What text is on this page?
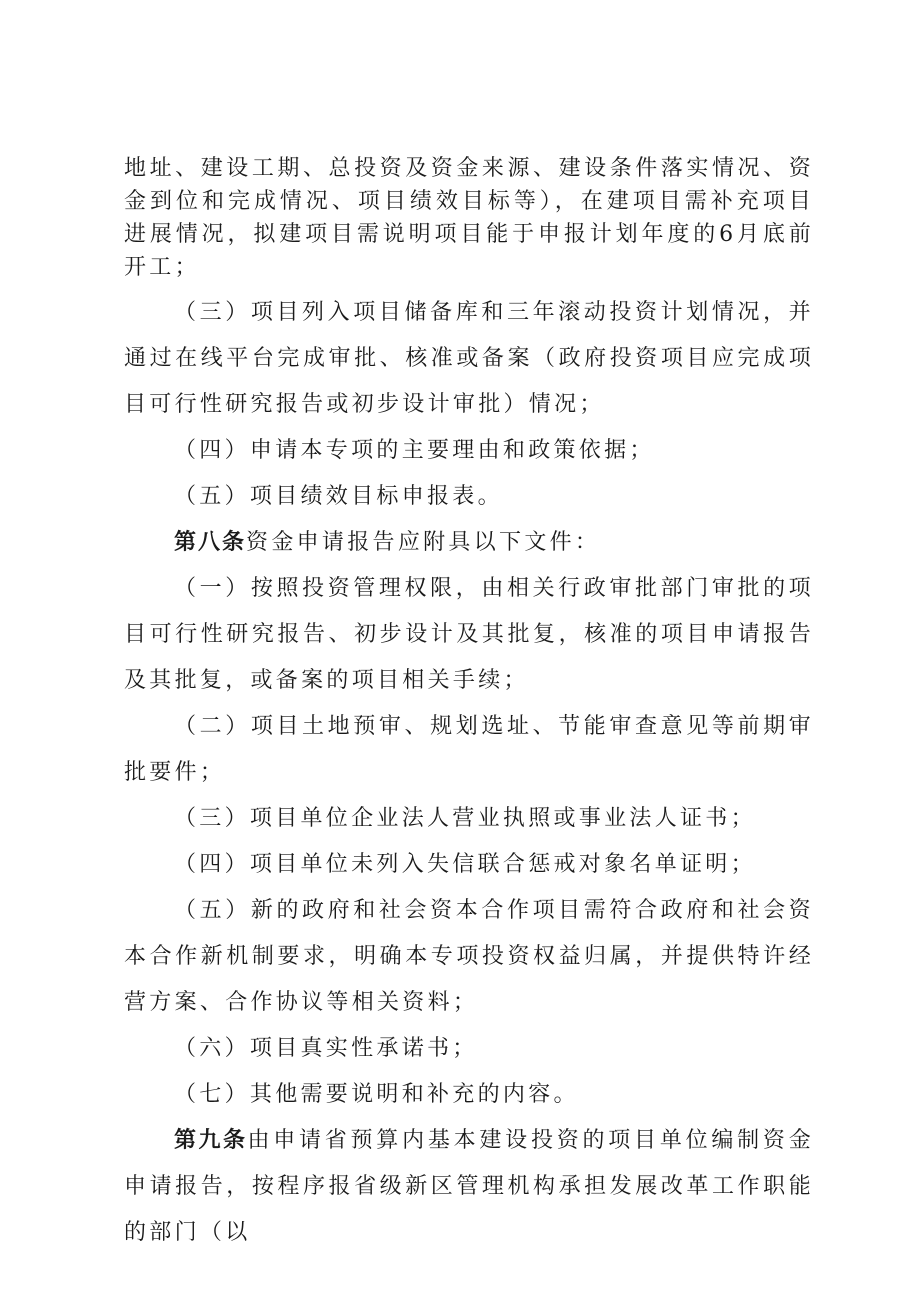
地址、建设工期、总投资及资金来源、建设条件落实情况、资金到位和完成情况、项目绩效目标等），在建项目需补充项目进展情况，拟建项目需说明项目能于申报计划年度的6月底前开工；

（三）项目列入项目储备库和三年滚动投资计划情况，并通过在线平台完成审批、核准或备案（政府投资项目应完成项目可行性研究报告或初步设计审批）情况；

（四）申请本专项的主要理由和政策依据；

（五）项目绩效目标申报表。

第八条资金申请报告应附具以下文件：

（一）按照投资管理权限，由相关行政审批部门审批的项目可行性研究报告、初步设计及其批复，核准的项目申请报告及其批复，或备案的项目相关手续；

（二）项目土地预审、规划选址、节能审查意见等前期审批要件；

（三）项目单位企业法人营业执照或事业法人证书；

（四）项目单位未列入失信联合惩戒对象名单证明；

（五）新的政府和社会资本合作项目需符合政府和社会资本合作新机制要求，明确本专项投资权益归属，并提供特许经营方案、合作协议等相关资料；

（六）项目真实性承诺书；

（七）其他需要说明和补充的内容。

第九条由申请省预算内基本建设投资的项目单位编制资金申请报告，按程序报省级新区管理机构承担发展改革工作职能的部门（以
